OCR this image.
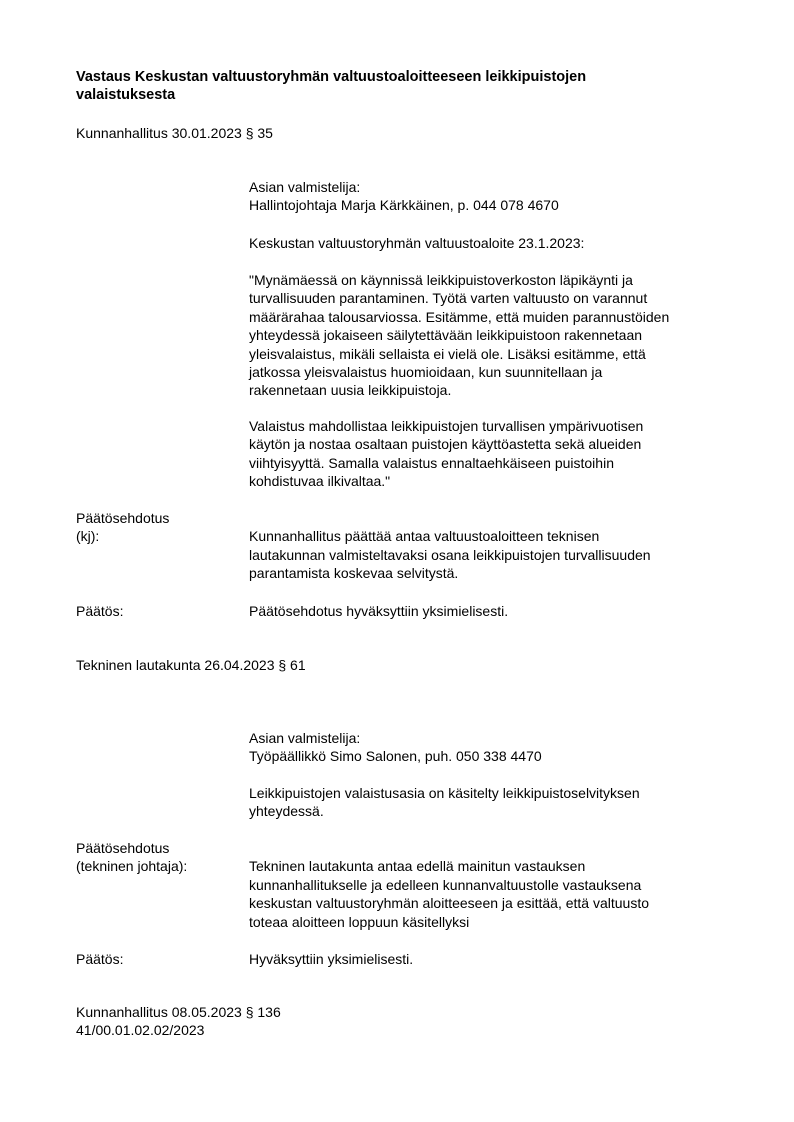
Vastaus Keskustan valtuustoryhmän valtuustoaloitteeseen leikkipuistojen
valaistuksesta
Kunnanhallitus 30.01.2023 § 35
Asian valmistelija:
Hallintojohtaja Marja Kärkkäinen, p. 044 078 4670
Keskustan valtuustoryhmän valtuustoaloite 23.1.2023:
"Mynämäessä on käynnissä leikkipuistoverkoston läpikäynti ja
turvallisuuden parantaminen. Työtä varten valtuusto on varannut
määrärahaa talousarviossa. Esitämme, että muiden parannustöiden
yhteydessä jokaiseen säilytettävään leikkipuistoon rakennetaan
yleisvalaistus, mikäli sellaista ei vielä ole. Lisäksi esitämme, että
jatkossa yleisvalaistus huomioidaan, kun suunnitellaan ja
rakennetaan uusia leikkipuistoja.
Valaistus mahdollistaa leikkipuistojen turvallisen ympärivuotisen
käytön ja nostaa osaltaan puistojen käyttöastetta sekä alueiden
viihtyisyyttä. Samalla valaistus ennaltaehkäiseen puistoihin
kohdistuvaa ilkivaltaa."
Päätösehdotus
(kj):	Kunnanhallitus päättää antaa valtuustoaloitteen teknisen
lautakunnan valmisteltavaksi osana leikkipuistojen turvallisuuden
parantamista koskevaa selvitystä.
Päätös:	Päätösehdotus hyväksyttiin yksimielisesti.
Tekninen lautakunta 26.04.2023 § 61
Asian valmistelija:
Työpäällikkö Simo Salonen, puh. 050 338 4470
Leikkipuistojen valaistusasia on käsitelty leikkipuistoselvityksen
yhteydessä.
Päätösehdotus
(tekninen johtaja):	Tekninen lautakunta antaa edellä mainitun vastauksen
kunnanhallitukselle ja edelleen kunnanvaltuustolle vastauksena
keskustan valtuustoryhmän aloitteeseen ja esittää, että valtuusto
toteaa aloitteen loppuun käsitellyksi
Päätös:	Hyväksyttiin yksimielisesti.
Kunnanhallitus 08.05.2023 § 136
41/00.01.02.02/2023
